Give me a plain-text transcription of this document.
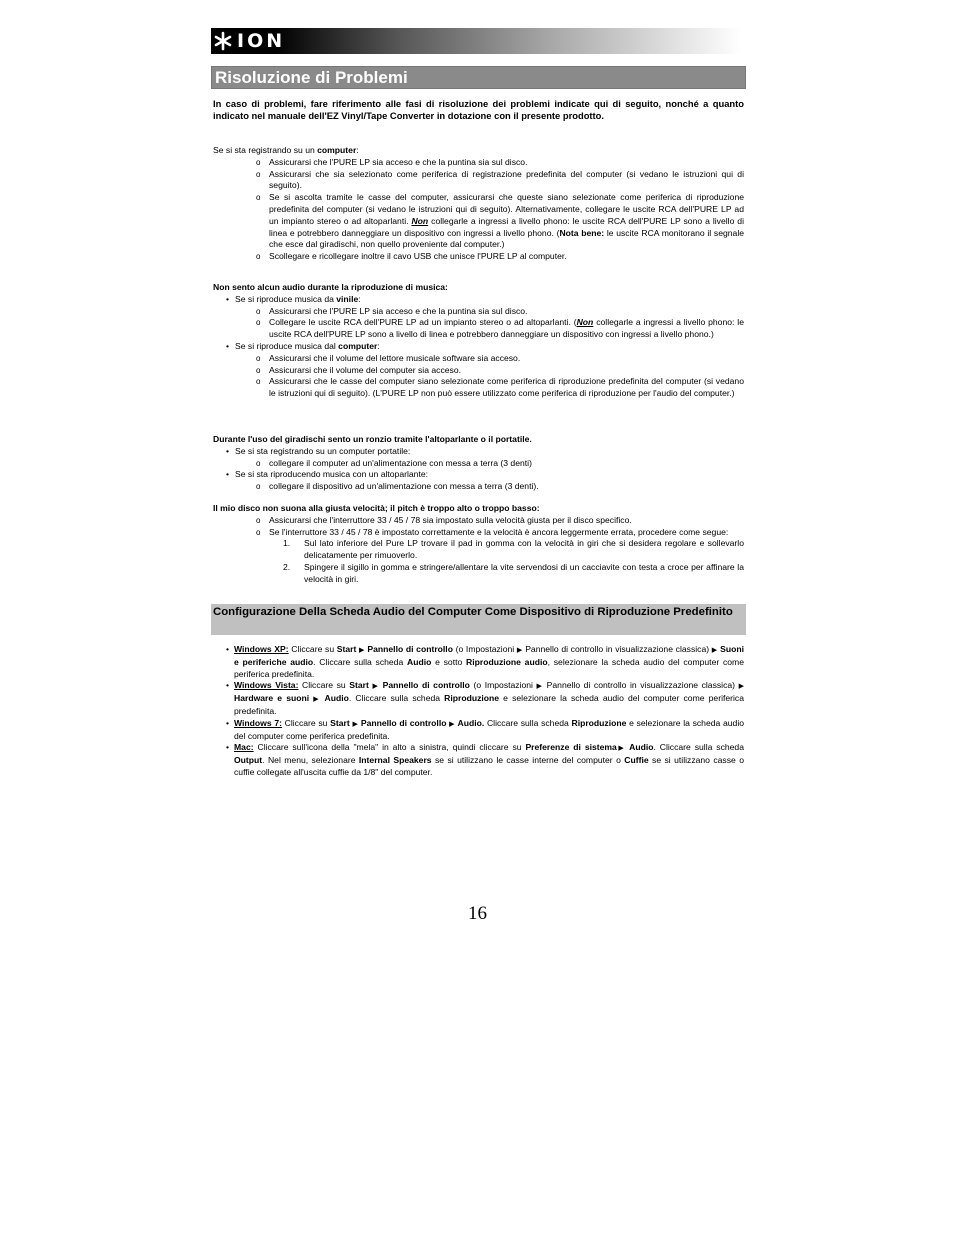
ION
Risoluzione di Problemi
In caso di problemi, fare riferimento alle fasi di risoluzione dei problemi indicate qui di seguito, nonché a quanto indicato nel manuale dell'EZ Vinyl/Tape Converter in dotazione con il presente prodotto.

Se si sta registrando su un computer:

o Assicurarsi che l'PURE LP sia acceso e che la puntina sia sul disco.
o Assicurarsi che sia selezionato come periferica di registrazione predefinita del computer (si vedano le istruzioni qui di seguito).
o Se si ascolta tramite le casse del computer, assicurarsi che queste siano selezionate come periferica di riproduzione predefinita del computer (si vedano le istruzioni qui di seguito). Alternativamente, collegare le uscite RCA dell'PURE LP ad un impianto stereo o ad altoparlanti. Non collegarle a ingressi a livello phono: le uscite RCA dell'PURE LP sono a livello di linea e potrebbero danneggiare un dispositivo con ingressi a livello phono. (Nota bene: le uscite RCA monitorano il segnale che esce dal giradischi, non quello proveniente dal computer.)
o Scollegare e ricollegare inoltre il cavo USB che unisce l'PURE LP al computer.

Non sento alcun audio durante la riproduzione di musica:

• Se si riproduce musica da vinile:
o Assicurarsi che l'PURE LP sia acceso e che la puntina sia sul disco.
o Collegare le uscite RCA dell'PURE LP ad un impianto stereo o ad altoparlanti. (Non collegarle a ingressi a livello phono: le uscite RCA dell'PURE LP sono a livello di linea e potrebbero danneggiare un dispositivo con ingressi a livello phono.)
• Se si riproduce musica dal computer:
o Assicurarsi che il volume del lettore musicale software sia acceso.
o Assicurarsi che il volume del computer sia acceso.
o Assicurarsi che le casse del computer siano selezionate come periferica di riproduzione predefinita del computer (si vedano le istruzioni qui di seguito). (L'PURE LP non può essere utilizzato come periferica di riproduzione per l'audio del computer.)

Durante l'uso del giradischi sento un ronzio tramite l'altoparlante o il portatile.

• Se si sta registrando su un computer portatile:
o collegare il computer ad un'alimentazione con messa a terra (3 denti)
• Se si sta riproducendo musica con un altoparlante:
o collegare il dispositivo ad un'alimentazione con messa a terra (3 denti).

Il mio disco non suona alla giusta velocità; il pitch è troppo alto o troppo basso:

o Assicurarsi che l'interruttore 33 / 45 / 78 sia impostato sulla velocità giusta per il disco specifico.
o Se l'interruttore 33 / 45 / 78 è impostato correttamente e la velocità è ancora leggermente errata, procedere come segue:
1. Sul lato inferiore del Pure LP trovare il pad in gomma con la velocità in giri che si desidera regolare e sollevarlo delicatamente per rimuoverlo.
2. Spingere il sigillo in gomma e stringere/allentare la vite servendosi di un cacciavite con testa a croce per affinare la velocità in giri.
Configurazione Della Scheda Audio del Computer Come Dispositivo di Riproduzione Predefinito
• Windows XP: Cliccare su Start ▶ Pannello di controllo (o Impostazioni ▶ Pannello di controllo in visualizzazione classica) ▶ Suoni e periferiche audio. Cliccare sulla scheda Audio e sotto Riproduzione audio, selezionare la scheda audio del computer come periferica predefinita.
• Windows Vista: Cliccare su Start ▶ Pannello di controllo (o Impostazioni ▶ Pannello di controllo in visualizzazione classica) ▶ Hardware e suoni ▶ Audio. Cliccare sulla scheda Riproduzione e selezionare la scheda audio del computer come periferica predefinita.
• Windows 7: Cliccare su Start ▶ Pannello di controllo ▶ Audio. Cliccare sulla scheda Riproduzione e selezionare la scheda audio del computer come periferica predefinita.
• Mac: Cliccare sull'icona della "mela" in alto a sinistra, quindi cliccare su Preferenze di sistema▶ Audio. Cliccare sulla scheda Output. Nel menu, selezionare Internal Speakers se si utilizzano le casse interne del computer o Cuffie se si utilizzano casse o cuffie collegate all'uscita cuffie da 1/8" del computer.
16
